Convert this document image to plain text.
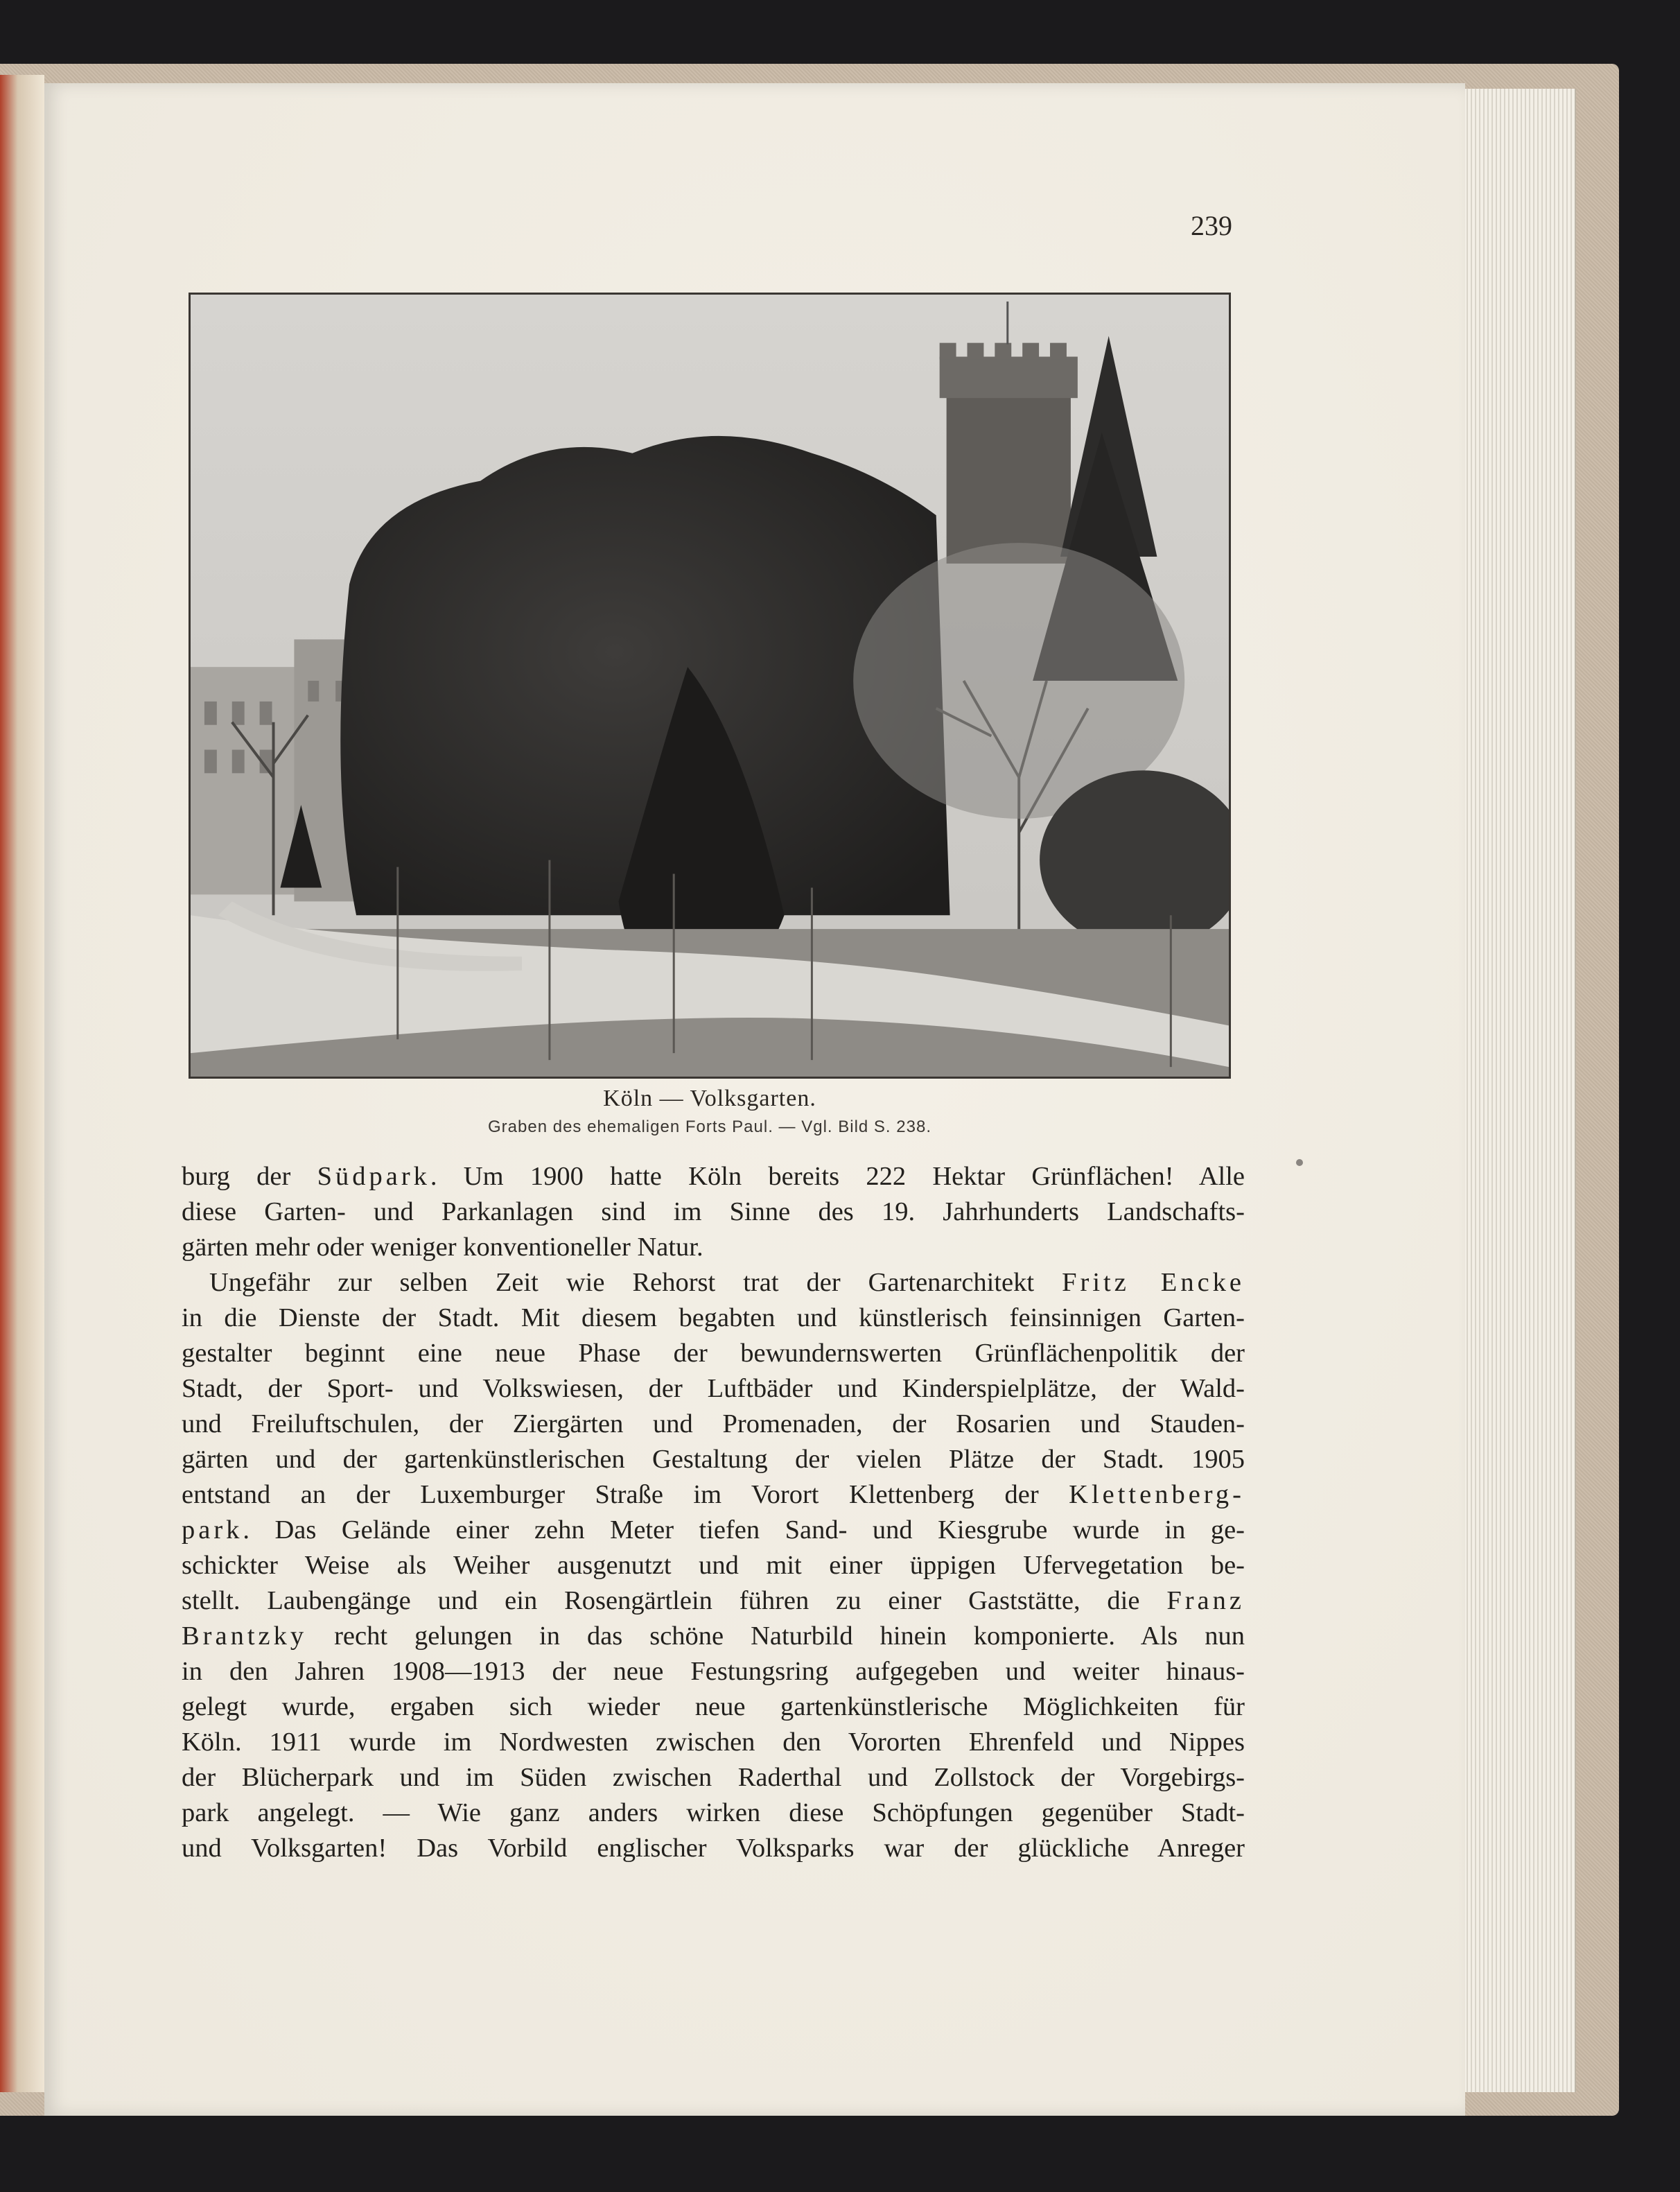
239
Köln — Volksgarten.
Graben des ehemaligen Forts Paul. — Vgl. Bild S. 238.
burg der Südpark. Um 1900 hatte Köln bereits 222 Hektar Grünflächen! Alle
diese Garten- und Parkanlagen sind im Sinne des 19. Jahrhunderts Landschafts-
gärten mehr oder weniger konventioneller Natur.
Ungefähr zur selben Zeit wie Rehorst trat der Gartenarchitekt Fritz Encke
in die Dienste der Stadt. Mit diesem begabten und künstlerisch feinsinnigen Garten-
gestalter beginnt eine neue Phase der bewundernswerten Grünflächenpolitik der
Stadt, der Sport- und Volkswiesen, der Luftbäder und Kinderspielplätze, der Wald-
und Freiluftschulen, der Ziergärten und Promenaden, der Rosarien und Stauden-
gärten und der gartenkünstlerischen Gestaltung der vielen Plätze der Stadt. 1905
entstand an der Luxemburger Straße im Vorort Klettenberg der Klettenberg-
park. Das Gelände einer zehn Meter tiefen Sand- und Kiesgrube wurde in ge-
schickter Weise als Weiher ausgenutzt und mit einer üppigen Ufervegetation be-
stellt. Laubengänge und ein Rosengärtlein führen zu einer Gaststätte, die Franz
Brantzky recht gelungen in das schöne Naturbild hinein komponierte. Als nun
in den Jahren 1908—1913 der neue Festungsring aufgegeben und weiter hinaus-
gelegt wurde, ergaben sich wieder neue gartenkünstlerische Möglichkeiten für
Köln. 1911 wurde im Nordwesten zwischen den Vororten Ehrenfeld und Nippes
der Blücherpark und im Süden zwischen Raderthal und Zollstock der Vorgebirgs-
park angelegt. — Wie ganz anders wirken diese Schöpfungen gegenüber Stadt-
und Volksgarten! Das Vorbild englischer Volksparks war der glückliche Anreger
